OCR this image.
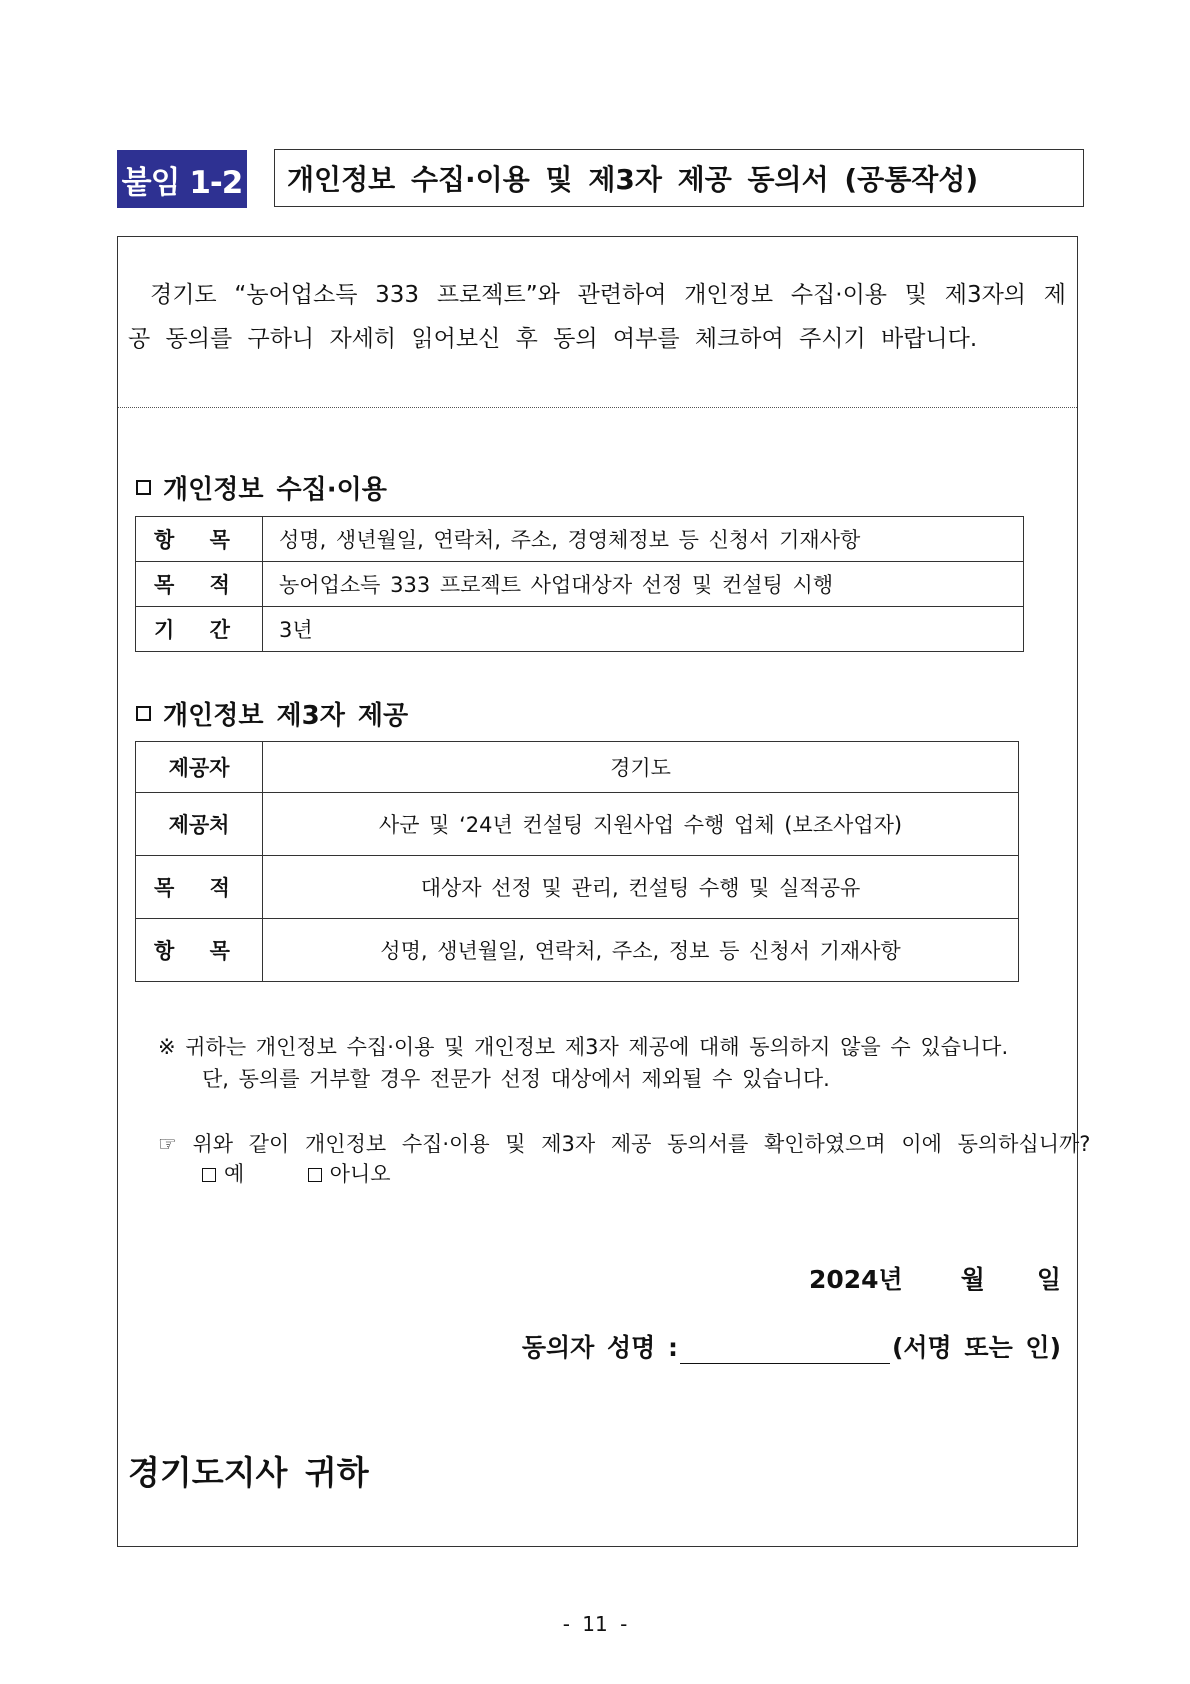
붙임 1-2	개인정보 수집·이용 및 제3자 제공 동의서 (공통작성)
경기도 “농어업소득 333 프로젝트”와 관련하여 개인정보 수집·이용 및 제3자의 제공 동의를 구하니 자세히 읽어보신 후 동의 여부를 체크하여 주시기 바랍니다.
개인정보 수집·이용
항 목	성명, 생년월일, 연락처, 주소, 경영체정보 등 신청서 기재사항
목 적	농어업소득 333 프로젝트 사업대상자 선정 및 컨설팅 시행
기 간	3년
개인정보 제3자 제공
제공자	경기도
제공처	사군 및 ‘24년 컨설팅 지원사업 수행 업체 (보조사업자)
목 적	대상자 선정 및 관리, 컨설팅 수행 및 실적공유
항 목	성명, 생년월일, 연락처, 주소, 정보 등 신청서 기재사항
※ 귀하는 개인정보 수집·이용 및 개인정보 제3자 제공에 대해 동의하지 않을 수 있습니다.
단, 동의를 거부할 경우 전문가 선정 대상에서 제외될 수 있습니다.
☞ 위와 같이 개인정보 수집·이용 및 제3자 제공 동의서를 확인하였으며 이에 동의하십니까?
예	아니오
2024년 월 일
동의자 성명 :	(서명 또는 인)
경기도지사 귀하
- 11 -
